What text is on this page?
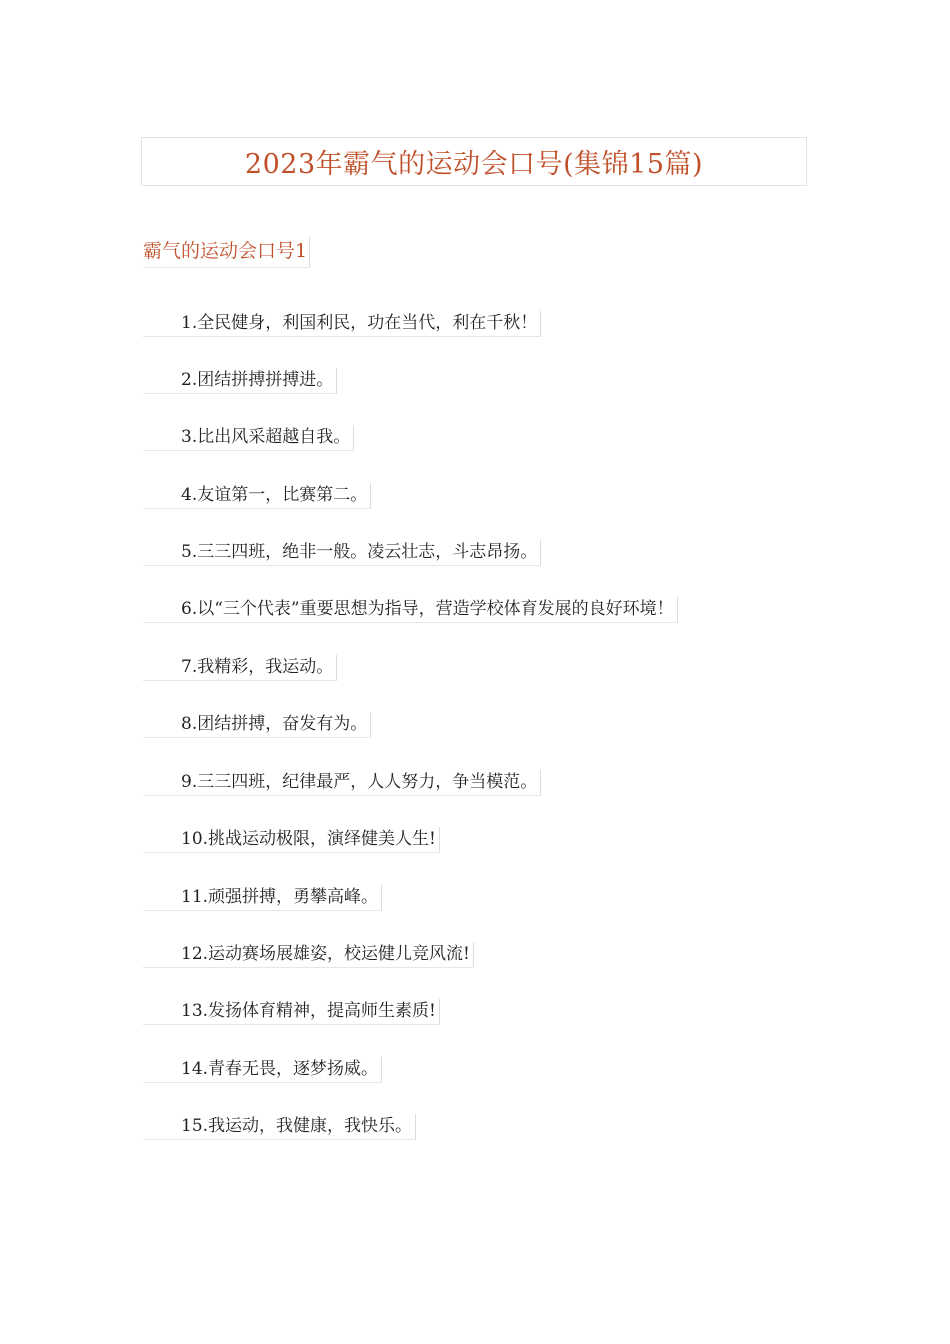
2023年霸气的运动会口号(集锦15篇)
霸气的运动会口号1
1.全民健身，利国利民，功在当代，利在千秋！
2.团结拼搏拼搏进。
3.比出风采超越自我。
4.友谊第一，比赛第二。
5.三三四班，绝非一般。凌云壮志，斗志昂扬。
6.以“三个代表”重要思想为指导，营造学校体育发展的良好环境！
7.我精彩，我运动。
8.团结拼搏，奋发有为。
9.三三四班，纪律最严，人人努力，争当模范。
10.挑战运动极限，演绎健美人生!
11.顽强拼搏，勇攀高峰。
12.运动赛场展雄姿，校运健儿竞风流!
13.发扬体育精神，提高师生素质!
14.青春无畏，逐梦扬威。
15.我运动，我健康，我快乐。
